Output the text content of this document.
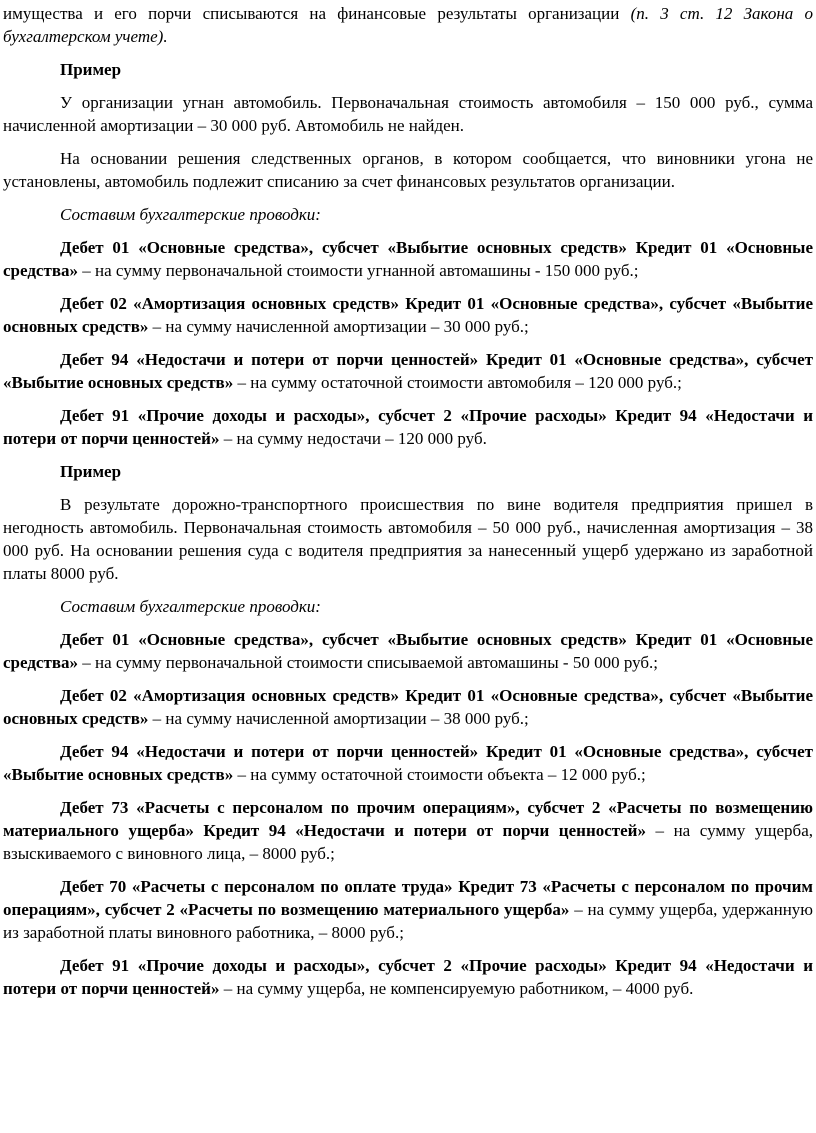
имущества и его порчи списываются на финансовые результаты организации (п. 3 ст. 12 Закона о бухгалтерском учете).
Пример
У организации угнан автомобиль. Первоначальная стоимость автомобиля – 150 000 руб., сумма начисленной амортизации – 30 000 руб. Автомобиль не найден.
На основании решения следственных органов, в котором сообщается, что виновники угона не установлены, автомобиль подлежит списанию за счет финансовых результатов организации.
Составим бухгалтерские проводки:
Дебет 01 «Основные средства», субсчет «Выбытие основных средств» Кредит 01 «Основные средства» – на сумму первоначальной стоимости угнанной автомашины - 150 000 руб.;
Дебет 02 «Амортизация основных средств» Кредит 01 «Основные средства», субсчет «Выбытие основных средств» – на сумму начисленной амортизации – 30 000 руб.;
Дебет 94 «Недостачи и потери от порчи ценностей» Кредит 01 «Основные средства», субсчет «Выбытие основных средств» – на сумму остаточной стоимости автомобиля – 120 000 руб.;
Дебет 91 «Прочие доходы и расходы», субсчет 2 «Прочие расходы» Кредит 94 «Недостачи и потери от порчи ценностей» – на сумму недостачи – 120 000 руб.
Пример
В результате дорожно-транспортного происшествия по вине водителя предприятия пришел в негодность автомобиль. Первоначальная стоимость автомобиля – 50 000 руб., начисленная амортизация – 38 000 руб. На основании решения суда с водителя предприятия за нанесенный ущерб удержано из заработной платы 8000 руб.
Составим бухгалтерские проводки:
Дебет 01 «Основные средства», субсчет «Выбытие основных средств» Кредит 01 «Основные средства» – на сумму первоначальной стоимости списываемой автомашины - 50 000 руб.;
Дебет 02 «Амортизация основных средств» Кредит 01 «Основные средства», субсчет «Выбытие основных средств» – на сумму начисленной амортизации – 38 000 руб.;
Дебет 94 «Недостачи и потери от порчи ценностей» Кредит 01 «Основные средства», субсчет «Выбытие основных средств» – на сумму остаточной стоимости объекта – 12 000 руб.;
Дебет 73 «Расчеты с персоналом по прочим операциям», субсчет 2 «Расчеты по возмещению материального ущерба» Кредит 94 «Недостачи и потери от порчи ценностей» – на сумму ущерба, взыскиваемого с виновного лица, – 8000 руб.;
Дебет 70 «Расчеты с персоналом по оплате труда» Кредит 73 «Расчеты с персоналом по прочим операциям», субсчет 2 «Расчеты по возмещению материального ущерба» – на сумму ущерба, удержанную из заработной платы виновного работника, – 8000 руб.;
Дебет 91 «Прочие доходы и расходы», субсчет 2 «Прочие расходы» Кредит 94 «Недостачи и потери от порчи ценностей» – на сумму ущерба, не компенсируемую работником, – 4000 руб.
